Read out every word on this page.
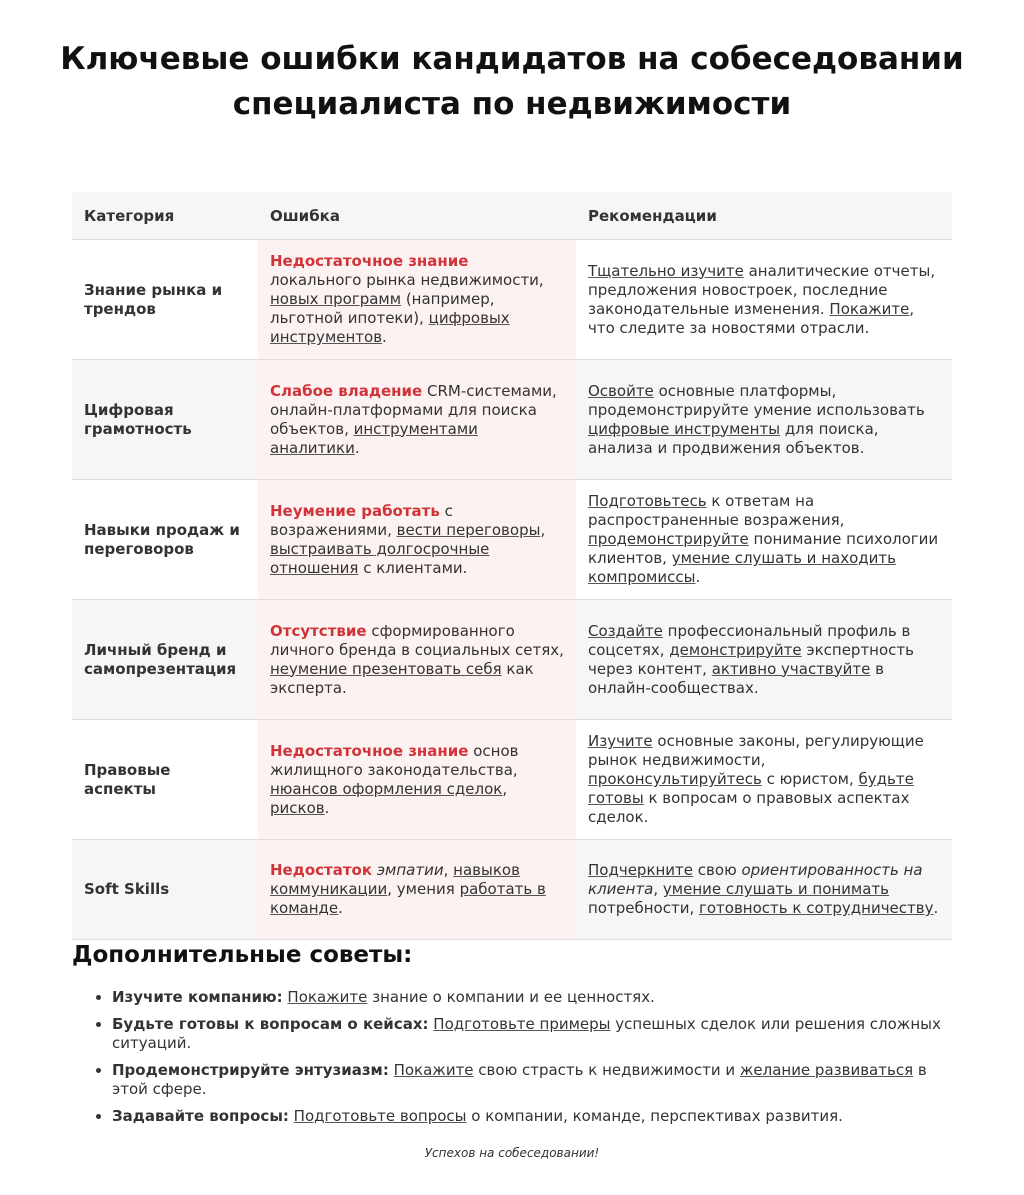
Ключевые ошибки кандидатов на собеседовании
специалиста по недвижимости
Категория	Ошибка	Рекомендации
Знание рынка и трендов	Недостаточное знание локального рынка недвижимости, новых программ (например, льготной ипотеки), цифровых инструментов.	Тщательно изучите аналитические отчеты, предложения новостроек, последние законодательные изменения. Покажите, что следите за новостями отрасли.
Цифровая грамотность	Слабое владение CRM-системами, онлайн-платформами для поиска объектов, инструментами аналитики.	Освойте основные платформы, продемонстрируйте умение использовать цифровые инструменты для поиска, анализа и продвижения объектов.
Навыки продаж и переговоров	Неумение работать с возражениями, вести переговоры, выстраивать долгосрочные отношения с клиентами.	Подготовьтесь к ответам на распространенные возражения, продемонстрируйте понимание психологии клиентов, умение слушать и находить компромиссы.
Личный бренд и самопрезентация	Отсутствие сформированного личного бренда в социальных сетях, неумение презентовать себя как эксперта.	Создайте профессиональный профиль в соцсетях, демонстрируйте экспертность через контент, активно участвуйте в онлайн-сообществах.
Правовые аспекты	Недостаточное знание основ жилищного законодательства, нюансов оформления сделок, рисков.	Изучите основные законы, регулирующие рынок недвижимости, проконсультируйтесь с юристом, будьте готовы к вопросам о правовых аспектах сделок.
Soft Skills	Недостаток эмпатии, навыков коммуникации, умения работать в команде.	Подчеркните свою ориентированность на клиента, умение слушать и понимать потребности, готовность к сотрудничеству.
Дополнительные советы:
• Изучите компанию: Покажите знание о компании и ее ценностях.
• Будьте готовы к вопросам о кейсах: Подготовьте примеры успешных сделок или решения сложных ситуаций.
• Продемонстрируйте энтузиазм: Покажите свою страсть к недвижимости и желание развиваться в этой сфере.
• Задавайте вопросы: Подготовьте вопросы о компании, команде, перспективах развития.
Успехов на собеседовании!
